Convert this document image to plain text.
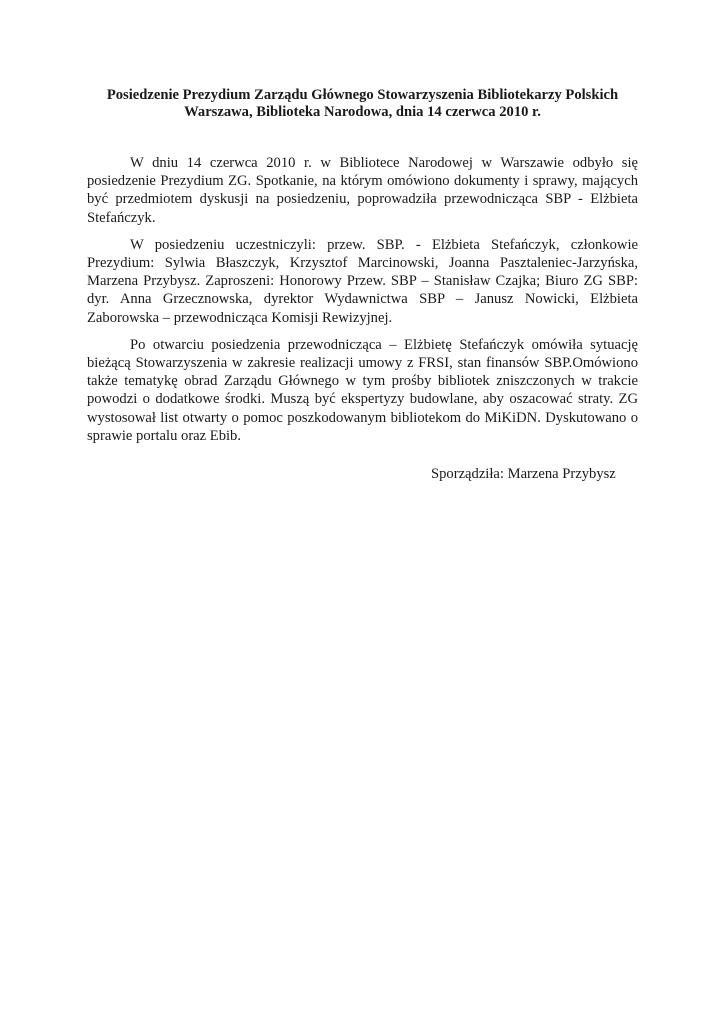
Posiedzenie Prezydium Zarządu Głównego Stowarzyszenia Bibliotekarzy Polskich
Warszawa, Biblioteka Narodowa, dnia 14 czerwca 2010 r.

W dniu 14 czerwca 2010 r. w Bibliotece Narodowej w Warszawie odbyło się posiedzenie Prezydium ZG. Spotkanie, na którym omówiono dokumenty i sprawy, mających być przedmiotem dyskusji na posiedzeniu, poprowadziła przewodnicząca SBP - Elżbieta Stefańczyk.

W posiedzeniu uczestniczyli: przew. SBP. - Elżbieta Stefańczyk, członkowie Prezydium: Sylwia Błaszczyk, Krzysztof Marcinowski, Joanna Pasztaleniec-Jarzyńska, Marzena Przybysz. Zaproszeni: Honorowy Przew. SBP – Stanisław Czajka; Biuro ZG SBP: dyr. Anna Grzecznowska, dyrektor Wydawnictwa SBP – Janusz Nowicki, Elżbieta Zaborowska – przewodnicząca Komisji Rewizyjnej.

Po otwarciu posiedzenia przewodnicząca – Elżbietę Stefańczyk omówiła sytuację bieżącą Stowarzyszenia w zakresie realizacji umowy z FRSI, stan finansów SBP.Omówiono także tematykę obrad Zarządu Głównego w tym prośby bibliotek zniszczonych w trakcie powodzi o dodatkowe środki. Muszą być ekspertyzy budowlane, aby oszacować straty. ZG wystosował list otwarty o pomoc poszkodowanym bibliotekom do MiKiDN. Dyskutowano o sprawie portalu oraz Ebib.

Sporządziła: Marzena Przybysz
